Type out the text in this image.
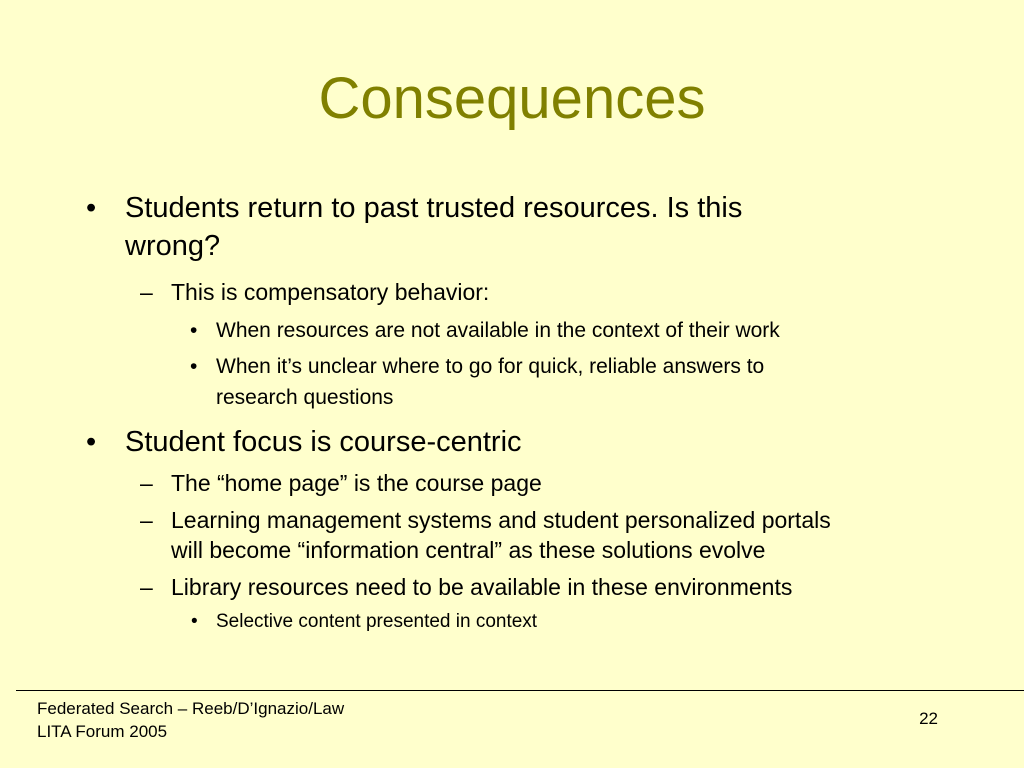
Consequences
• Students return to past trusted resources. Is this
wrong?
– This is compensatory behavior:
• When resources are not available in the context of their work
• When it’s unclear where to go for quick, reliable answers to
research questions
• Student focus is course-centric
– The “home page” is the course page
– Learning management systems and student personalized portals
will become “information central” as these solutions evolve
– Library resources need to be available in these environments
• Selective content presented in context
Federated Search – Reeb/D’Ignazio/Law
LITA Forum 2005
22
